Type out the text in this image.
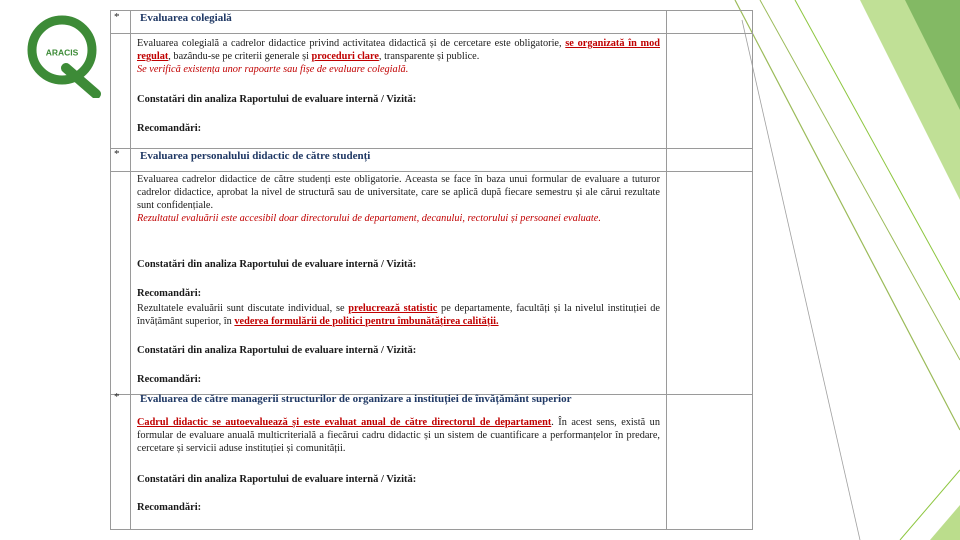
ARACIS
* Evaluarea colegială
Evaluarea colegială a cadrelor didactice privind activitatea didactică și de cercetare este obligatorie, se organizată în mod regulat, bazându-se pe criterii generale și proceduri clare, transparente și publice.
Se verifică existența unor rapoarte sau fișe de evaluare colegială.
Constatări din analiza Raportului de evaluare internă / Vizită:
Recomandări:
* Evaluarea personalului didactic de către studenți
Evaluarea cadrelor didactice de către studenți este obligatorie. Aceasta se face în baza unui formular de evaluare a tuturor cadrelor didactice, aprobat la nivel de structură sau de universitate, care se aplică după fiecare semestru și ale cărui rezultate sunt confidențiale.
Rezultatul evaluării este accesibil doar directorului de departament, decanului, rectorului și persoanei evaluate.
Constatări din analiza Raportului de evaluare internă / Vizită:
Recomandări:
Rezultatele evaluării sunt discutate individual, se prelucrează statistic pe departamente, facultăți și la nivelul instituției de învățământ superior, în vederea formulării de politici pentru îmbunătățirea calității.
Constatări din analiza Raportului de evaluare internă / Vizită:
Recomandări:
* Evaluarea de către managerii structurilor de organizare a instituției de învățământ superior
Cadrul didactic se autoevaluează și este evaluat anual de către directorul de departament. În acest sens, există un formular de evaluare anuală multicriterială a fiecărui cadru didactic și un sistem de cuantificare a performanțelor în predare, cercetare și servicii aduse instituției și comunității.
Constatări din analiza Raportului de evaluare internă / Vizită:
Recomandări:
